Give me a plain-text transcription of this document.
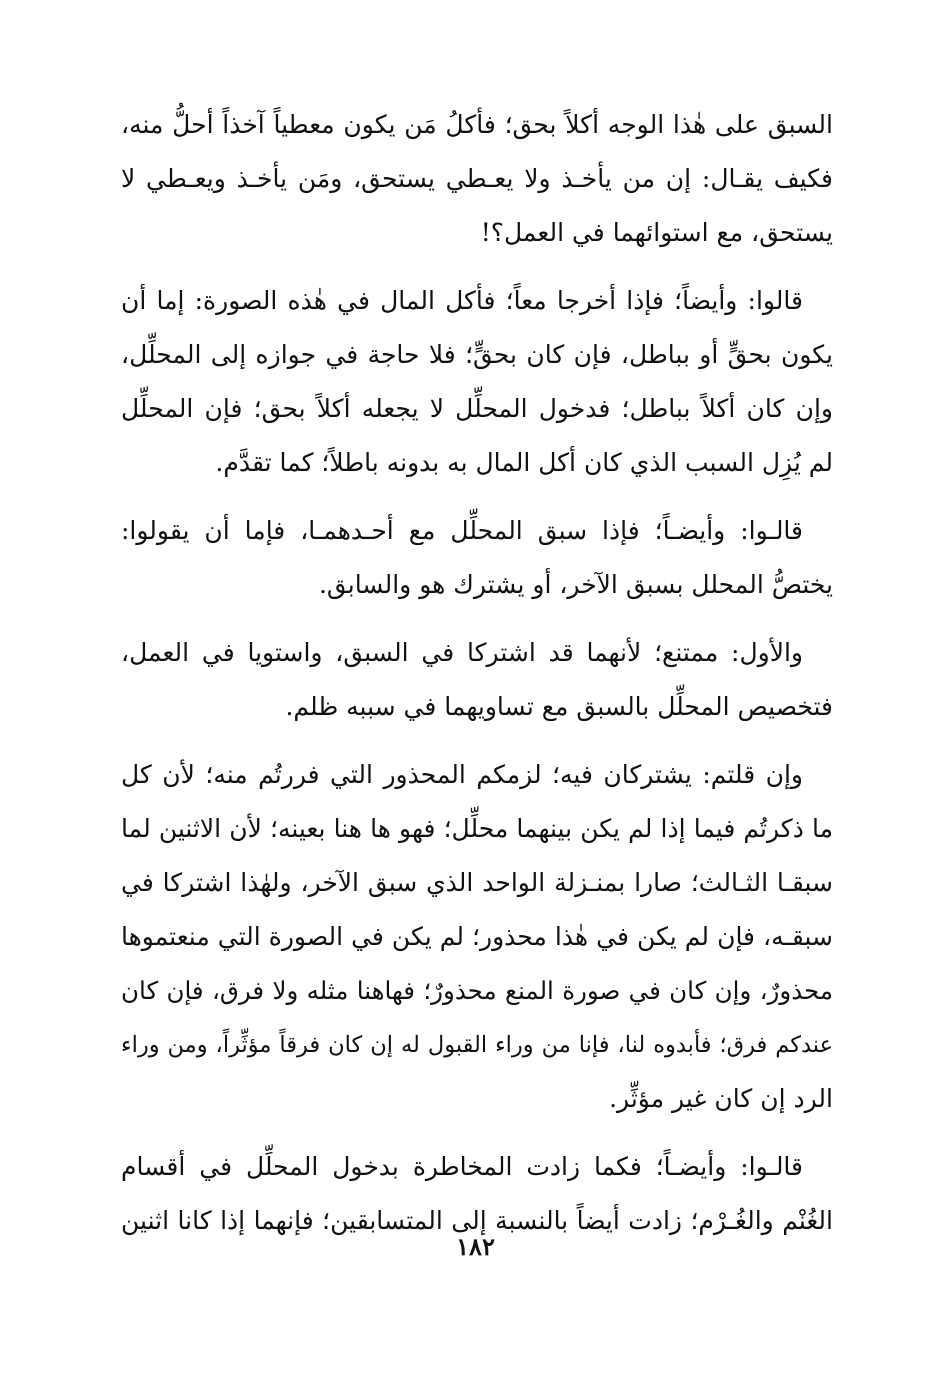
السبق على هٰذا الوجه أكلاً بحق؛ فأكلُ مَن يكون معطياً آخذاً أحلُّ منه،
فكيف يقـال: إن من يأخـذ ولا يعـطي يستحق، ومَن يأخـذ ويعـطي لا
يستحق، مع استوائهما في العمل؟!
قالوا: وأيضاً؛ فإذا أخرجا معاً؛ فأكل المال في هٰذه الصورة: إما أن
يكون بحقٍّ أو بباطل، فإن كان بحقٍّ؛ فلا حاجة في جوازه إلى المحلِّل،
وإن كان أكلاً بباطل؛ فدخول المحلِّل لا يجعله أكلاً بحق؛ فإن المحلِّل
لم يُزِل السبب الذي كان أكل المال به بدونه باطلاً؛ كما تقدَّم.
قالـوا: وأيضـاً؛ فإذا سبق المحلِّل مع أحـدهمـا، فإما أن يقولوا:
يختصُّ المحلل بسبق الآخر، أو يشترك هو والسابق.
والأول: ممتنع؛ لأنهما قد اشتركا في السبق، واستويا في العمل،
فتخصيص المحلِّل بالسبق مع تساويهما في سببه ظلم.
وإن قلتم: يشتركان فيه؛ لزمكم المحذور التي فررتُم منه؛ لأن كل
ما ذكرتُم فيما إذا لم يكن بينهما محلِّل؛ فهو ها هنا بعينه؛ لأن الاثنين لما
سبقـا الثـالث؛ صارا بمنـزلة الواحد الذي سبق الآخر، ولهٰذا اشتركا في
سبقـه، فإن لم يكن في هٰذا محذور؛ لم يكن في الصورة التي منعتموها
محذورٌ، وإن كان في صورة المنع محذورٌ؛ فهاهنا مثله ولا فرق، فإن كان
عندكم فرق؛ فأبدوه لنا، فإنا من وراء القبول له إن كان فرقاً مؤثِّراً، ومن وراء
الرد إن كان غير مؤثِّر.
قالـوا: وأيضـاً؛ فكما زادت المخاطرة بدخول المحلِّل في أقسام
الغُنْم والغُـرْم؛ زادت أيضاً بالنسبة إلى المتسابقين؛ فإنهما إذا كانا اثنين
١٨٢
